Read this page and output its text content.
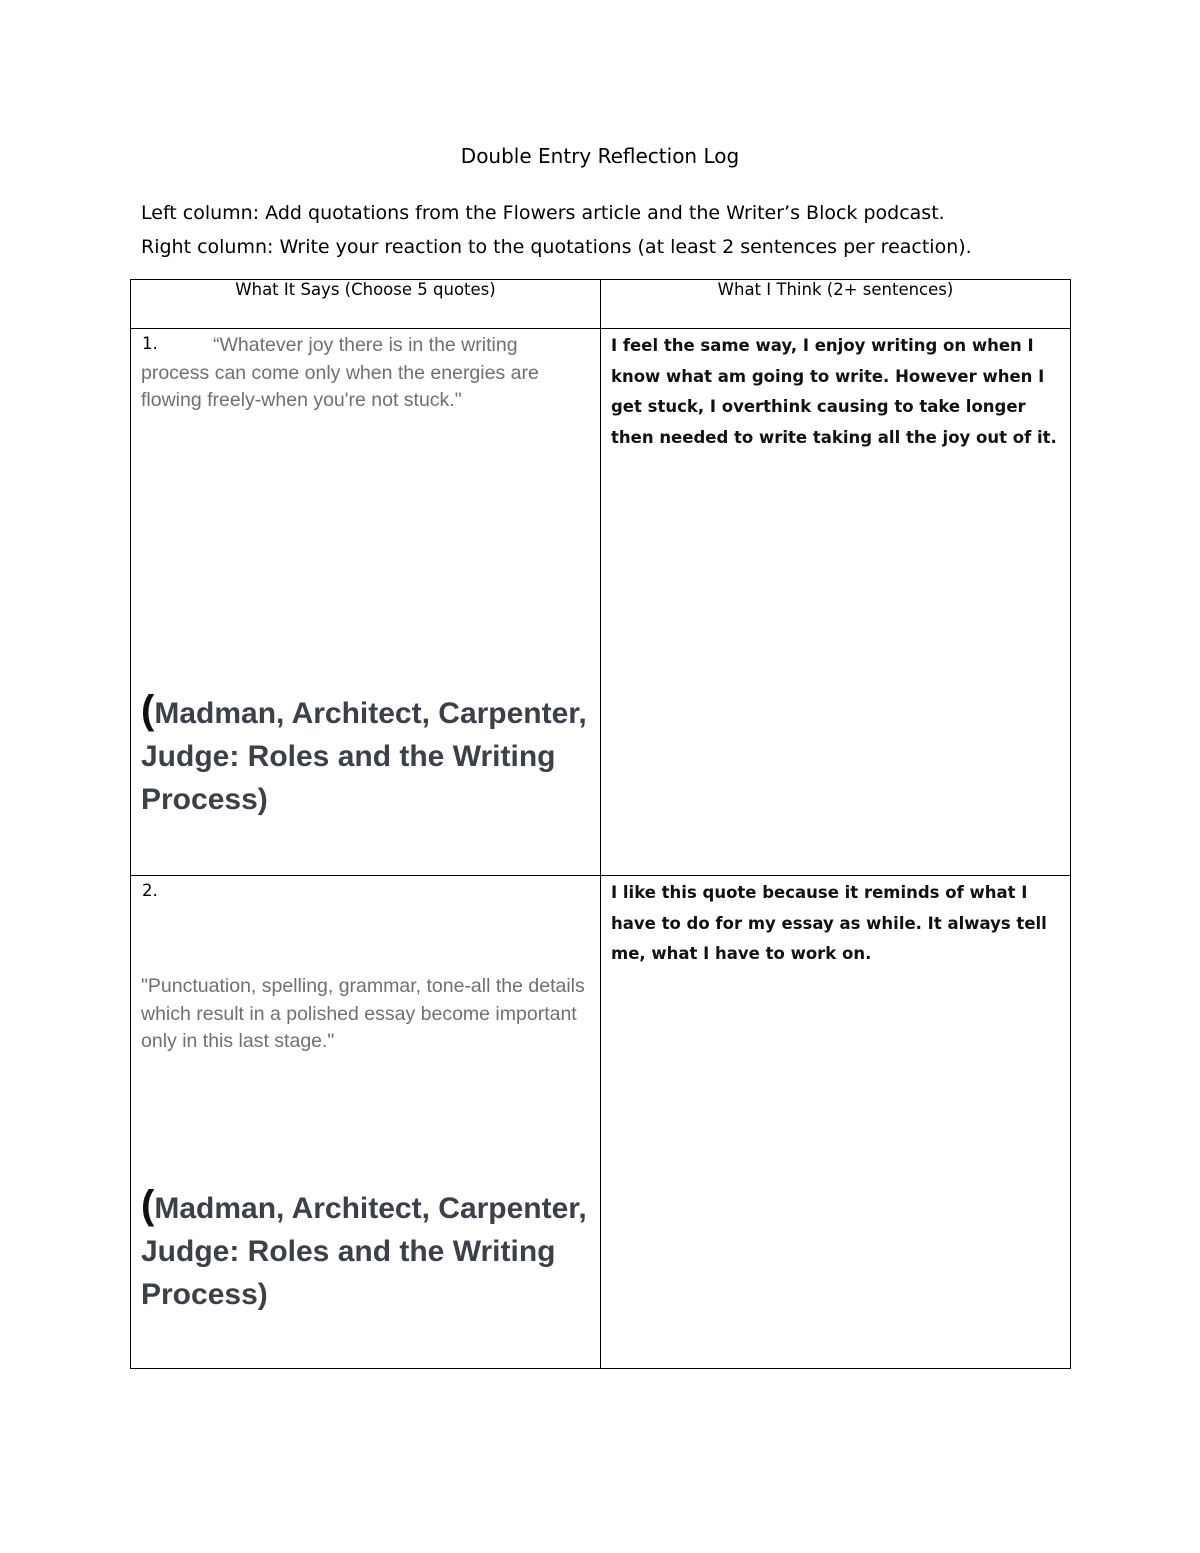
Double Entry Reflection Log
Left column: Add quotations from the Flowers article and the Writer’s Block podcast.
Right column: Write your reaction to the quotations (at least 2 sentences per reaction).
What It Says (Choose 5 quotes)	What I Think (2+ sentences)

“Whatever joy there is in the writing process can come only when the energies are flowing freely-when you're not stuck."
1.
(Madman, Architect, Carpenter, Judge: Roles and the Writing Process)	I feel the same way, I enjoy writing on when I know what am going to write. However when I get stuck, I overthink causing to take longer then needed to write taking all the joy out of it.

2.
"Punctuation, spelling, grammar, tone-all the details which result in a polished essay become important only in this last stage."
(Madman, Architect, Carpenter, Judge: Roles and the Writing Process)	I like this quote because it reminds of what I have to do for my essay as while. It always tell me, what I have to work on.
